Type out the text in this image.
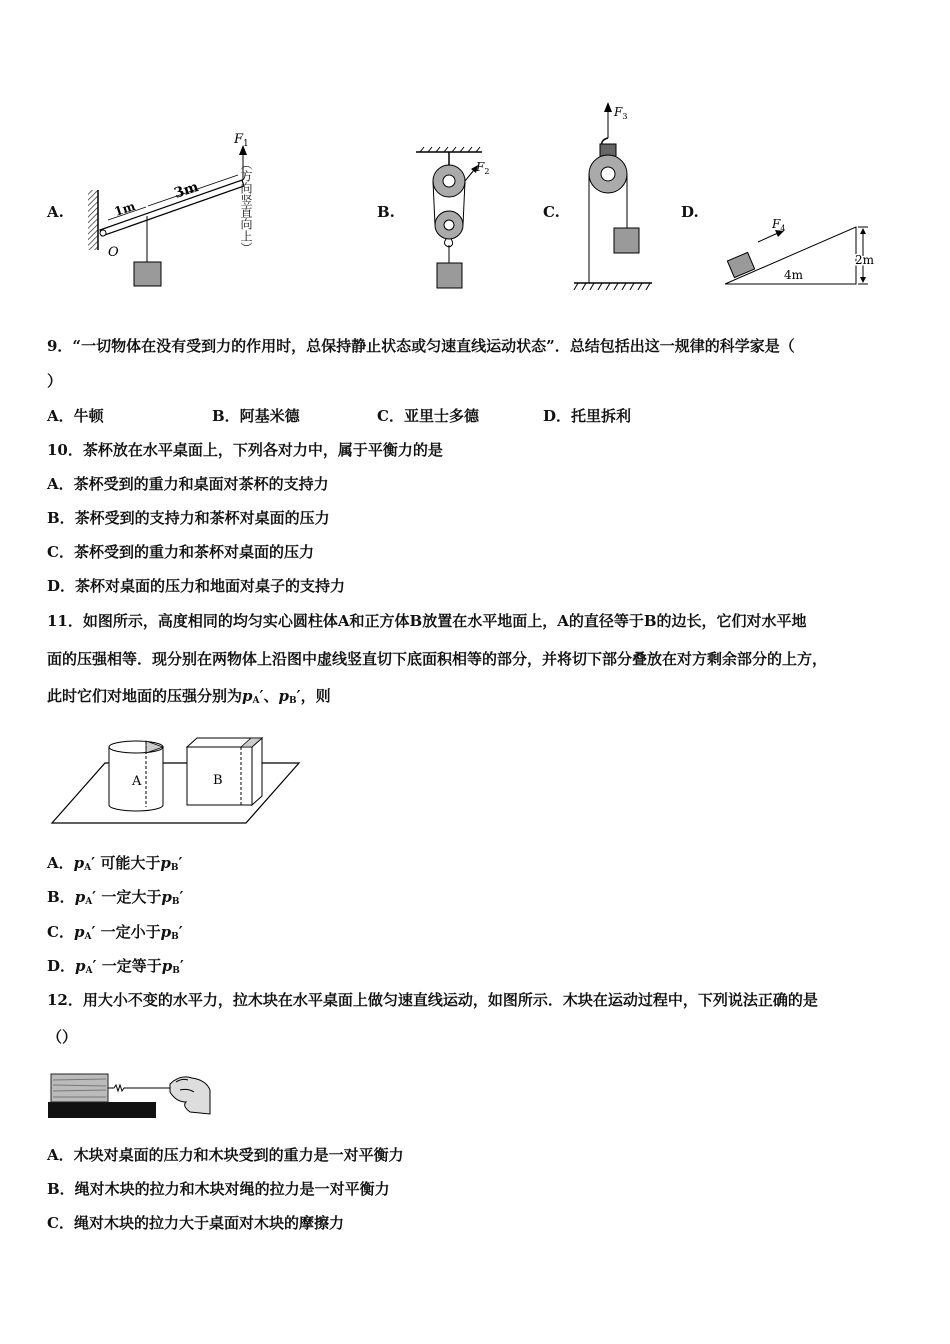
A.
O
1m
3m
$F_1$
（方向竖直向上）	B.
$F_2$
C.
$F_3$
D.
$F_4$
4m
2m
9．“一切物体在没有受到力的作用时，总保持静止状态或匀速直线运动状态”．总结包括出这一规律的科学家是（
）
A．牛顿	B．阿基米德	C．亚里士多德	D．托里拆利
10．茶杯放在水平桌面上，下列各对力中，属于平衡力的是
A．茶杯受到的重力和桌面对茶杯的支持力
B．茶杯受到的支持力和茶杯对桌面的压力
C．茶杯受到的重力和茶杯对桌面的压力
D．茶杯对桌面的压力和地面对桌子的支持力
11．如图所示，高度相同的均匀实心圆柱体A和正方体B放置在水平地面上，A的直径等于B的边长，它们对水平地
面的压强相等．现分别在两物体上沿图中虚线竖直切下底面积相等的部分，并将切下部分叠放在对方剩余部分的上方，
此时它们对地面的压强分别为$p_A'$、$p_B'$，则
A	B
A．$p_A'$ 可能大于$p_B'$
B．$p_A'$ 一定大于$p_B'$
C．$p_A'$ 一定小于$p_B'$
D．$p_A'$ 一定等于$p_B'$
12．用大小不变的水平力，拉木块在水平桌面上做匀速直线运动，如图所示．木块在运动过程中，下列说法正确的是
（）
A．木块对桌面的压力和木块受到的重力是一对平衡力
B．绳对木块的拉力和木块对绳的拉力是一对平衡力
C．绳对木块的拉力大于桌面对木块的摩擦力
